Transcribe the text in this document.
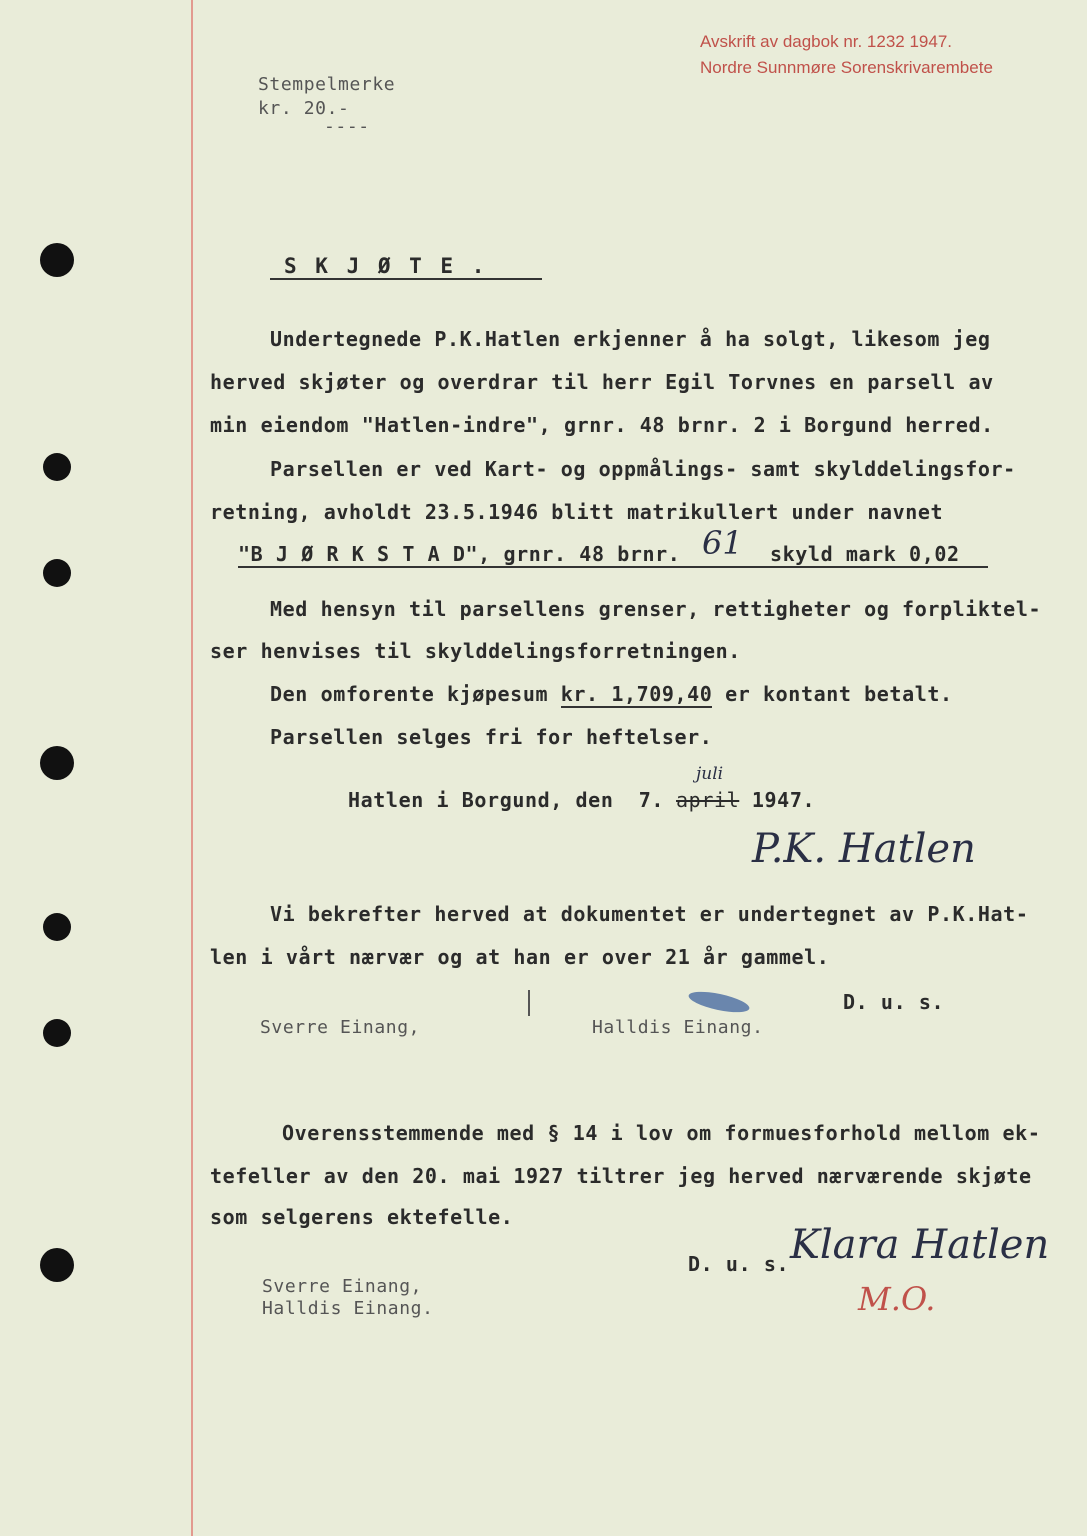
Avskrift av dagbok nr. 1232 1947.
Nordre Sunnmøre Sorenskrivarembete
Stempelmerke
kr. 20.-
----
S K J Ø T E .
Undertegnede P.K.Hatlen erkjenner å ha solgt, likesom jeg
herved skjøter og overdrar til herr Egil Torvnes en parsell av
min eiendom "Hatlen-indre", grnr. 48 brnr. 2 i Borgund herred.
Parsellen er ved Kart- og oppmålings- samt skylddelingsfor-
retning, avholdt 23.5.1946 blitt matrikullert under navnet
"B J Ø R K S T A D", grnr. 48 brnr. 61 skyld mark 0,02
Med hensyn til parsellens grenser, rettigheter og forpliktel-
ser henvises til skylddelingsforretningen.
Den omforente kjøpesum kr. 1,709,40 er kontant betalt.
Parsellen selges fri for heftelser.
Hatlen i Borgund, den  7. april 1947.
juli
P.K. Hatlen
Vi bekrefter herved at dokumentet er undertegnet av P.K.Hat-
len i vårt nærvær og at han er over 21 år gammel.
D. u. s.
Sverre Einang,	Halldis Einang.
Overensstemmende med § 14 i lov om formuesforhold mellom ek-
tefeller av den 20. mai 1927 tiltrer jeg herved nærværende skjøte
som selgerens ektefelle.
D. u. s. Klara Hatlen
M.O.
Sverre Einang,
Halldis Einang.
